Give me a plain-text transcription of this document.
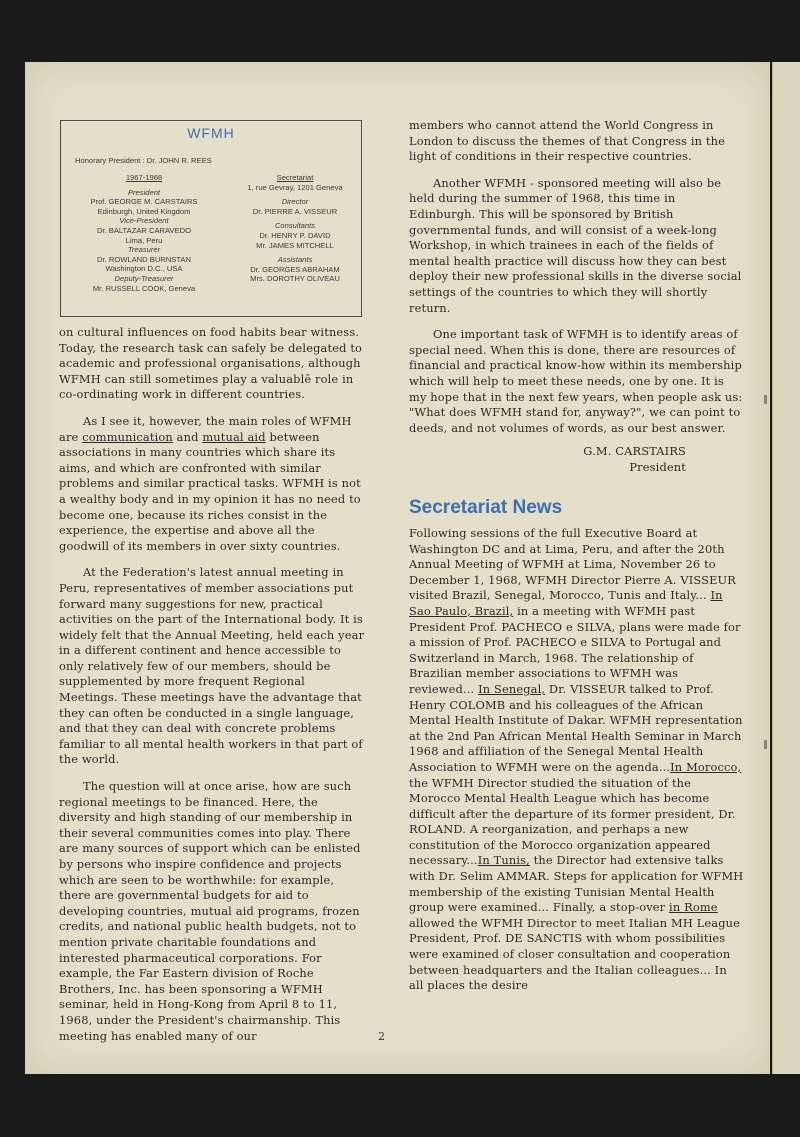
WFMH
Honorary President : Dr. JOHN R. REES
1967-1968
President
Prof. GEORGE M. CARSTAIRS
Edinburgh, United Kingdom
Vice-President
Dr. BALTAZAR CARAVEDO
Lima, Peru
Treasurer
Dr. ROWLAND BURNSTAN
Washington D.C., USA
Deputy-Treasurer
Mr. RUSSELL COOK, Geneva
Secretariat
1, rue Gevray, 1201 Geneva
Director
Dr. PIERRE A. VISSEUR
Consultants
Dr. HENRY P. DAVID
Mr. JAMES MITCHELL
Assistants
Dr. GEORGES ABRAHAM
Mrs. DOROTHY OLIVEAU

on cultural influences on food habits bear witness. Today, the research task can safely be delegated to academic and professional organisations, although WFMH can still sometimes play a valuablē role in co-ordinating work in different countries.

As I see it, however, the main roles of WFMH are communication and mutual aid between associations in many countries which share its aims, and which are confronted with similar problems and similar practical tasks. WFMH is not a wealthy body and in my opinion it has no need to become one, because its riches consist in the experience, the expertise and above all the goodwill of its members in over sixty countries.

At the Federation's latest annual meeting in Peru, representatives of member associations put forward many suggestions for new, practical activities on the part of the International body. It is widely felt that the Annual Meeting, held each year in a different continent and hence accessible to only relatively few of our members, should be supplemented by more frequent Regional Meetings. These meetings have the advantage that they can often be conducted in a single language, and that they can deal with concrete problems familiar to all mental health workers in that part of the world.

The question will at once arise, how are such regional meetings to be financed. Here, the diversity and high standing of our membership in their several communities comes into play. There are many sources of support which can be enlisted by persons who inspire confidence and projects which are seen to be worthwhile: for example, there are governmental budgets for aid to developing countries, mutual aid programs, frozen credits, and national public health budgets, not to mention private charitable foundations and interested pharmaceutical corporations. For example, the Far Eastern division of Roche Brothers, Inc. has been sponsoring a WFMH seminar, held in Hong-Kong from April 8 to 11, 1968, under the President's chairmanship. This meeting has enabled many of our

members who cannot attend the World Congress in London to discuss the themes of that Congress in the light of conditions in their respective countries.

Another WFMH - sponsored meeting will also be held during the summer of 1968, this time in Edinburgh. This will be sponsored by British governmental funds, and will consist of a week-long Workshop, in which trainees in each of the fields of mental health practice will discuss how they can best deploy their new professional skills in the diverse social settings of the countries to which they will shortly return.

One important task of WFMH is to identify areas of special need. When this is done, there are resources of financial and practical know-how within its membership which will help to meet these needs, one by one. It is my hope that in the next few years, when people ask us: "What does WFMH stand for, anyway?", we can point to deeds, and not volumes of words, as our best answer.

G.M. CARSTAIRS
President
Secretariat News

Following sessions of the full Executive Board at Washington DC and at Lima, Peru, and after the 20th Annual Meeting of WFMH at Lima, November 26 to December 1, 1968, WFMH Director Pierre A. VISSEUR visited Brazil, Senegal, Morocco, Tunis and Italy... In Sao Paulo, Brazil, in a meeting with WFMH past President Prof. PACHECO e SILVA, plans were made for a mission of Prof. PACHECO e SILVA to Portugal and Switzerland in March, 1968. The relationship of Brazilian member associations to WFMH was reviewed... In Senegal, Dr. VISSEUR talked to Prof. Henry COLOMB and his colleagues of the African Mental Health Institute of Dakar. WFMH representation at the 2nd Pan African Mental Health Seminar in March 1968 and affiliation of the Senegal Mental Health Association to WFMH were on the agenda...In Morocco, the WFMH Director studied the situation of the Morocco Mental Health League which has become difficult after the departure of its former president, Dr. ROLAND. A reorganization, and perhaps a new constitution of the Morocco organization appeared necessary...In Tunis, the Director had extensive talks with Dr. Selim AMMAR. Steps for application for WFMH membership of the existing Tunisian Mental Health group were examined... Finally, a stop-over in Rome allowed the WFMH Director to meet Italian MH League President, Prof. DE SANCTIS with whom possibilities were examined of closer consultation and cooperation between headquarters and the Italian colleagues... In all places the desire

2
